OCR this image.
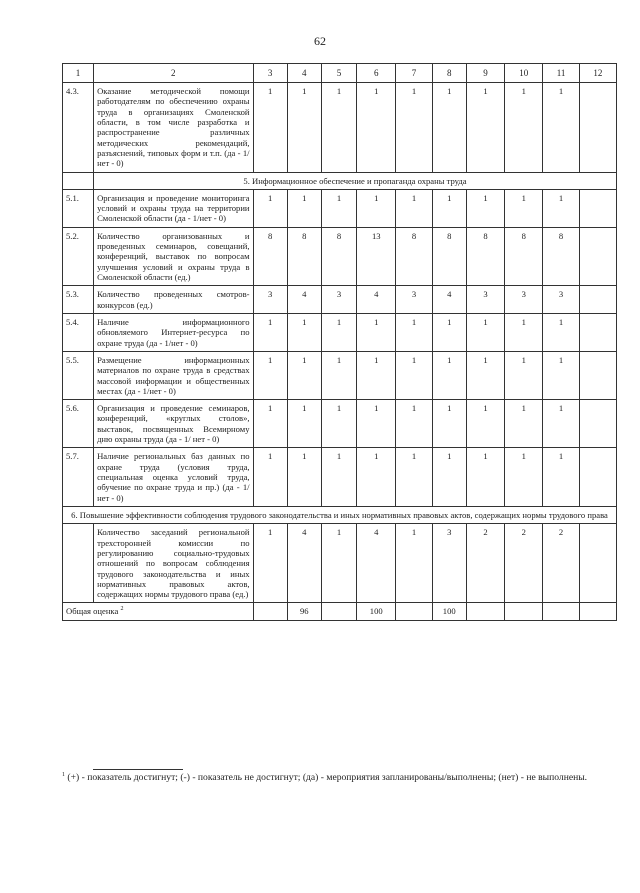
62
1	2	3	4	5	6	7	8	9	10	11	12
4.3.	Оказание методической помощи работодателям по обеспечению охраны труда в организациях Смоленской области, в том числе разработка и распространение различных методических рекомендаций, разъяснений, типовых форм и т.п. (да - 1/нет - 0)	1	1	1	1	1	1	1	1	1	
	5. Информационное обеспечение и пропаганда охраны труда										
5.1.	Организация и проведение мониторинга условий и охраны труда на территории Смоленской области (да - 1/нет - 0)	1	1	1	1	1	1	1	1	1	
5.2.	Количество организованных и проведенных семинаров, совещаний, конференций, выставок по вопросам улучшения условий и охраны труда в Смоленской области (ед.)	8	8	8	13	8	8	8	8	8	
5.3.	Количество проведенных смотров-конкурсов (ед.)	3	4	3	4	3	4	3	3	3	
5.4.	Наличие информационного обновляемого Интернет-ресурса по охране труда (да - 1/нет - 0)	1	1	1	1	1	1	1	1	1	
5.5.	Размещение информационных материалов по охране труда в средствах массовой информации и общественных местах (да - 1/нет - 0)	1	1	1	1	1	1	1	1	1	
5.6.	Организация и проведение семинаров, конференций, «круглых столов», выставок, посвященных Всемирному дню охраны труда (да - 1/ нет - 0)	1	1	1	1	1	1	1	1	1	
5.7.	Наличие региональных баз данных по охране труда (условия труда, специальная оценка условий труда, обучение по охране труда и пр.) (да - 1/нет - 0)	1	1	1	1	1	1	1	1	1	
6. Повышение эффективности соблюдения трудового законодательства и иных нормативных правовых актов, содержащих нормы трудового права											
	Количество заседаний региональной трехсторонней комиссии по регулированию социально-трудовых отношений по вопросам соблюдения трудового законодательства и иных нормативных правовых актов, содержащих нормы трудового права (ед.)	1	4	1	4	1	3	2	2	2	
Общая оценка $^2$			96		100		100				
$^1$ (+) - показатель достигнут; (-) - показатель не достигнут; (да) - мероприятия запланированы/выполнены; (нет) - не выполнены.
